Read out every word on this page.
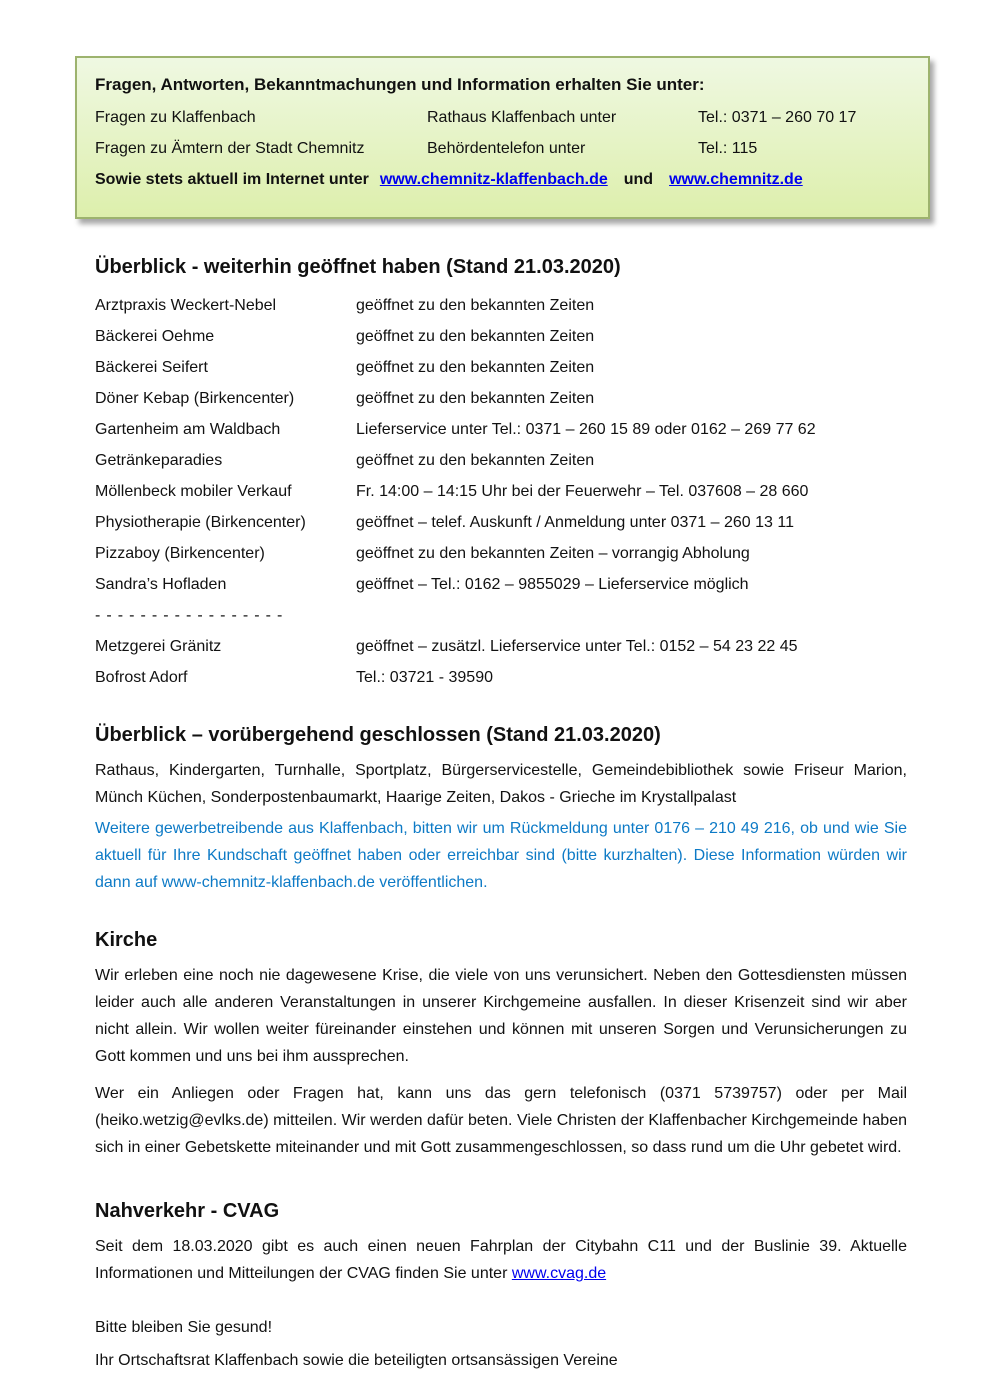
Fragen, Antworten, Bekanntmachungen und Information erhalten Sie unter:
Fragen zu Klaffenbach	Rathaus Klaffenbach unter	Tel.: 0371 – 260 70 17
Fragen zu Ämtern der Stadt Chemnitz	Behördentelefon unter	Tel.: 115
Sowie stets aktuell im Internet unter www.chemnitz-klaffenbach.de und www.chemnitz.de
Überblick - weiterhin geöffnet haben (Stand 21.03.2020)
Arztpraxis Weckert-Nebel	geöffnet zu den bekannten Zeiten
Bäckerei Oehme	geöffnet zu den bekannten Zeiten
Bäckerei Seifert	geöffnet zu den bekannten Zeiten
Döner Kebap (Birkencenter)	geöffnet zu den bekannten Zeiten
Gartenheim am Waldbach	Lieferservice unter Tel.: 0371 – 260 15 89 oder 0162 – 269 77 62
Getränkeparadies	geöffnet zu den bekannten Zeiten
Möllenbeck mobiler Verkauf	Fr. 14:00 – 14:15 Uhr bei der Feuerwehr – Tel. 037608 – 28 660
Physiotherapie (Birkencenter)	geöffnet – telef. Auskunft / Anmeldung unter 0371 – 260 13 11
Pizzaboy (Birkencenter)	geöffnet zu den bekannten Zeiten – vorrangig Abholung
Sandra’s Hofladen	geöffnet – Tel.: 0162 – 9855029 – Lieferservice möglich
- - - - - - - - - - - - - - - - -
Metzgerei Gränitz	geöffnet – zusätzl. Lieferservice unter Tel.: 0152 – 54 23 22 45
Bofrost Adorf	Tel.: 03721 - 39590
Überblick – vorübergehend geschlossen (Stand 21.03.2020)

Rathaus, Kindergarten, Turnhalle, Sportplatz, Bürgerservicestelle, Gemeindebibliothek sowie Friseur Marion, Münch Küchen, Sonderpostenbaumarkt, Haarige Zeiten, Dakos - Grieche im Krystallpalast

Weitere gewerbetreibende aus Klaffenbach, bitten wir um Rückmeldung unter 0176 – 210 49 216, ob und wie Sie aktuell für Ihre Kundschaft geöffnet haben oder erreichbar sind (bitte kurzhalten). Diese Information würden wir dann auf www-chemnitz-klaffenbach.de veröffentlichen.

Kirche

Wir erleben eine noch nie dagewesene Krise, die viele von uns verunsichert. Neben den Gottesdiensten müssen leider auch alle anderen Veranstaltungen in unserer Kirchgemeine ausfallen. In dieser Krisenzeit sind wir aber nicht allein. Wir wollen weiter füreinander einstehen und können mit unseren Sorgen und Verunsicherungen zu Gott kommen und uns bei ihm aussprechen.

Wer ein Anliegen oder Fragen hat, kann uns das gern telefonisch (0371 5739757) oder per Mail (heiko.wetzig@evlks.de) mitteilen. Wir werden dafür beten. Viele Christen der Klaffenbacher Kirchgemeinde haben sich in einer Gebetskette miteinander und mit Gott zusammengeschlossen, so dass rund um die Uhr gebetet wird.

Nahverkehr - CVAG

Seit dem 18.03.2020 gibt es auch einen neuen Fahrplan der Citybahn C11 und der Buslinie 39. Aktuelle Informationen und Mitteilungen der CVAG finden Sie unter www.cvag.de

Bitte bleiben Sie gesund!

Ihr Ortschaftsrat Klaffenbach sowie die beteiligten ortsansässigen Vereine
